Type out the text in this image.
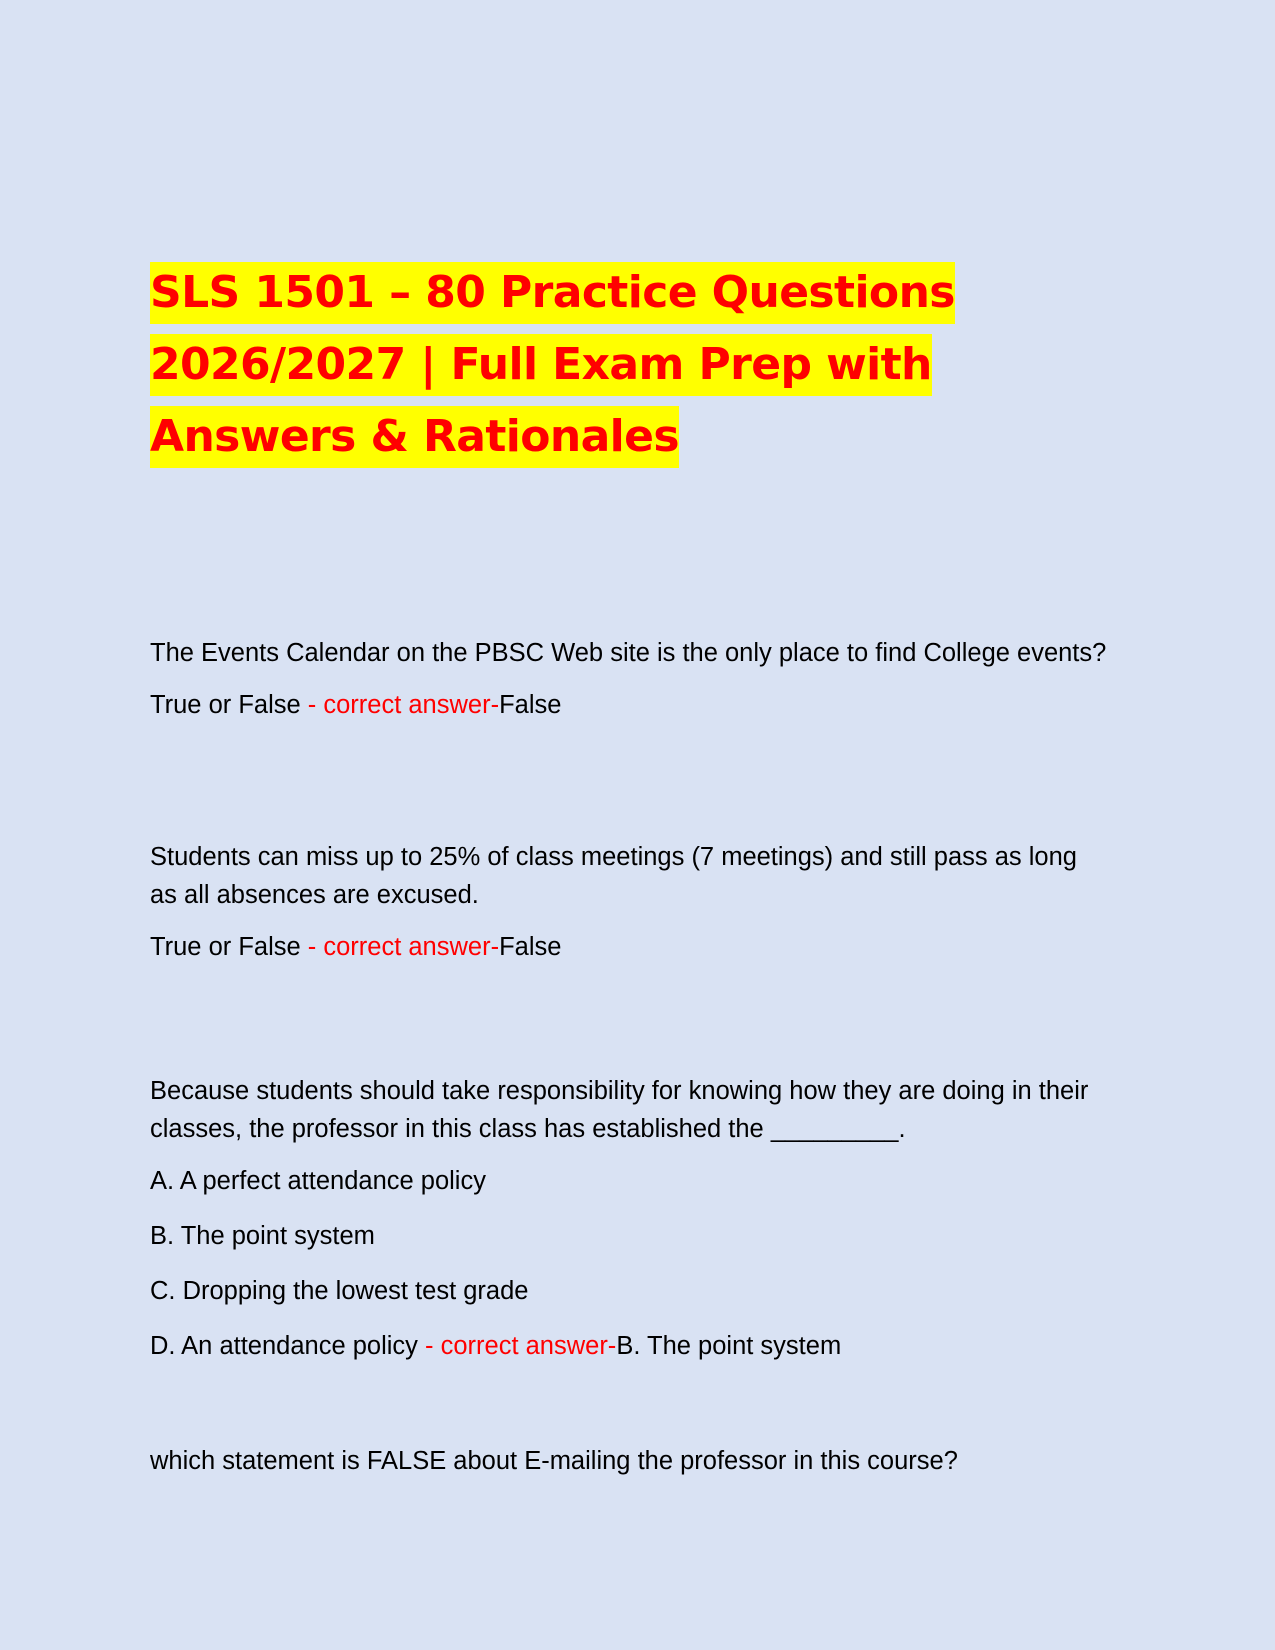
SLS 1501 – 80 Practice Questions 2026/2027 | Full Exam Prep with Answers & Rationales

The Events Calendar on the PBSC Web site is the only place to find College events?

True or False - correct answer-False

Students can miss up to 25% of class meetings (7 meetings) and still pass as long as all absences are excused.

True or False - correct answer-False

Because students should take responsibility for knowing how they are doing in their classes, the professor in this class has established the _________.

A. A perfect attendance policy

B. The point system

C. Dropping the lowest test grade

D. An attendance policy - correct answer-B. The point system

which statement is FALSE about E-mailing the professor in this course?
